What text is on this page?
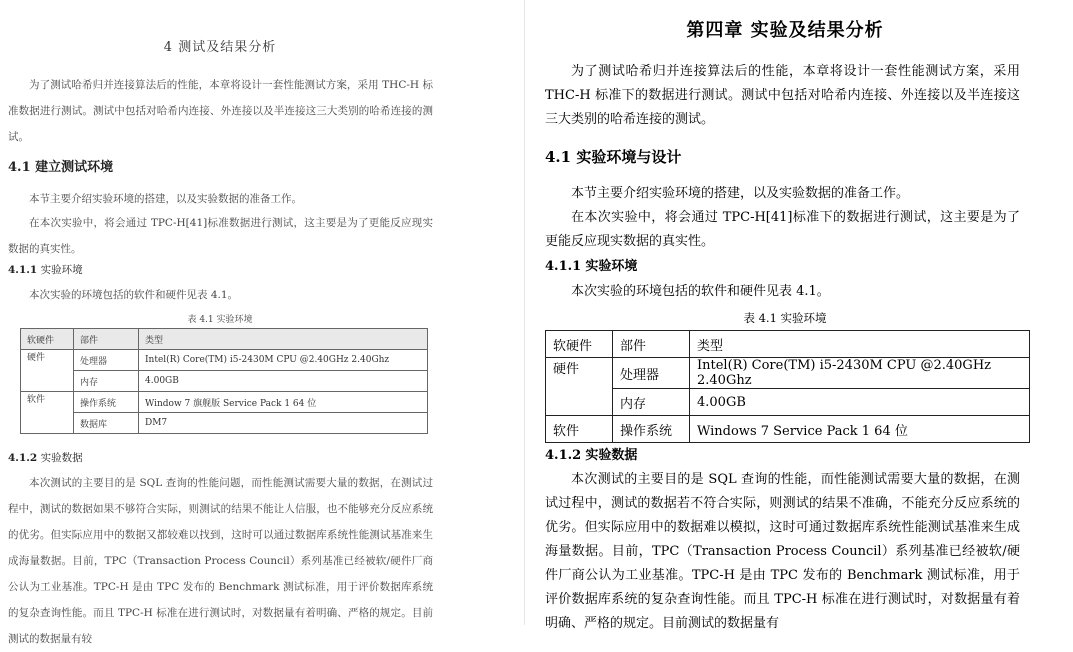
4 测试及结果分析
为了测试哈希归并连接算法后的性能，本章将设计一套性能测试方案，采用 THC-H 标准数据进行测试。测试中包括对哈希内连接、外连接以及半连接这三大类别的哈希连接的测试。
4.1 建立测试环境
本节主要介绍实验环境的搭建，以及实验数据的准备工作。
在本次实验中，将会通过 TPC-H[41]标准数据进行测试，这主要是为了更能反应现实数据的真实性。
4.1.1 实验环境
本次实验的环境包括的软件和硬件见表 4.1。
表 4.1 实验环境
软硬件	部件	类型
硬件	处理器	Intel(R) Core(TM) i5-2430M CPU @2.40GHz 2.40Ghz
	内存	4.00GB
软件	操作系统	Window 7 旗舰版 Service Pack 1 64 位
	数据库	DM7
4.1.2 实验数据
本次测试的主要目的是 SQL 查询的性能问题，而性能测试需要大量的数据，在测试过程中，测试的数据如果不够符合实际，则测试的结果不能让人信服，也不能够充分反应系统的优劣。但实际应用中的数据又都较难以找到，这时可以通过数据库系统性能测试基准来生成海量数据。目前，TPC（Transaction Process Council）系列基准已经被软/硬件厂商公认为工业基准。TPC-H 是由 TPC 发布的 Benchmark 测试标准，用于评价数据库系统的复杂查询性能。而且 TPC-H 标准在进行测试时，对数据量有着明确、严格的规定。目前测试的数据量有较
第四章 实验及结果分析
为了测试哈希归并连接算法后的性能，本章将设计一套性能测试方案，采用 THC-H 标准下的数据进行测试。测试中包括对哈希内连接、外连接以及半连接这三大类别的哈希连接的测试。
4.1 实验环境与设计
本节主要介绍实验环境的搭建，以及实验数据的准备工作。
在本次实验中，将会通过 TPC-H[41]标准下的数据进行测试，这主要是为了更能反应现实数据的真实性。
4.1.1 实验环境
本次实验的环境包括的软件和硬件见表 4.1。
表 4.1 实验环境
软硬件	部件	类型
硬件	处理器	Intel(R) Core(TM) i5-2430M CPU @2.40GHz 2.40Ghz
	内存	4.00GB
软件	操作系统	Windows 7 Service Pack 1 64 位
4.1.2 实验数据
本次测试的主要目的是 SQL 查询的性能，而性能测试需要大量的数据，在测试过程中，测试的数据若不符合实际，则测试的结果不准确，不能充分反应系统的优劣。但实际应用中的数据难以模拟，这时可通过数据库系统性能测试基准来生成海量数据。目前，TPC（Transaction Process Council）系列基准已经被软/硬件厂商公认为工业基准。TPC-H 是由 TPC 发布的 Benchmark 测试标准，用于评价数据库系统的复杂查询性能。而且 TPC-H 标准在进行测试时，对数据量有着明确、严格的规定。目前测试的数据量有
